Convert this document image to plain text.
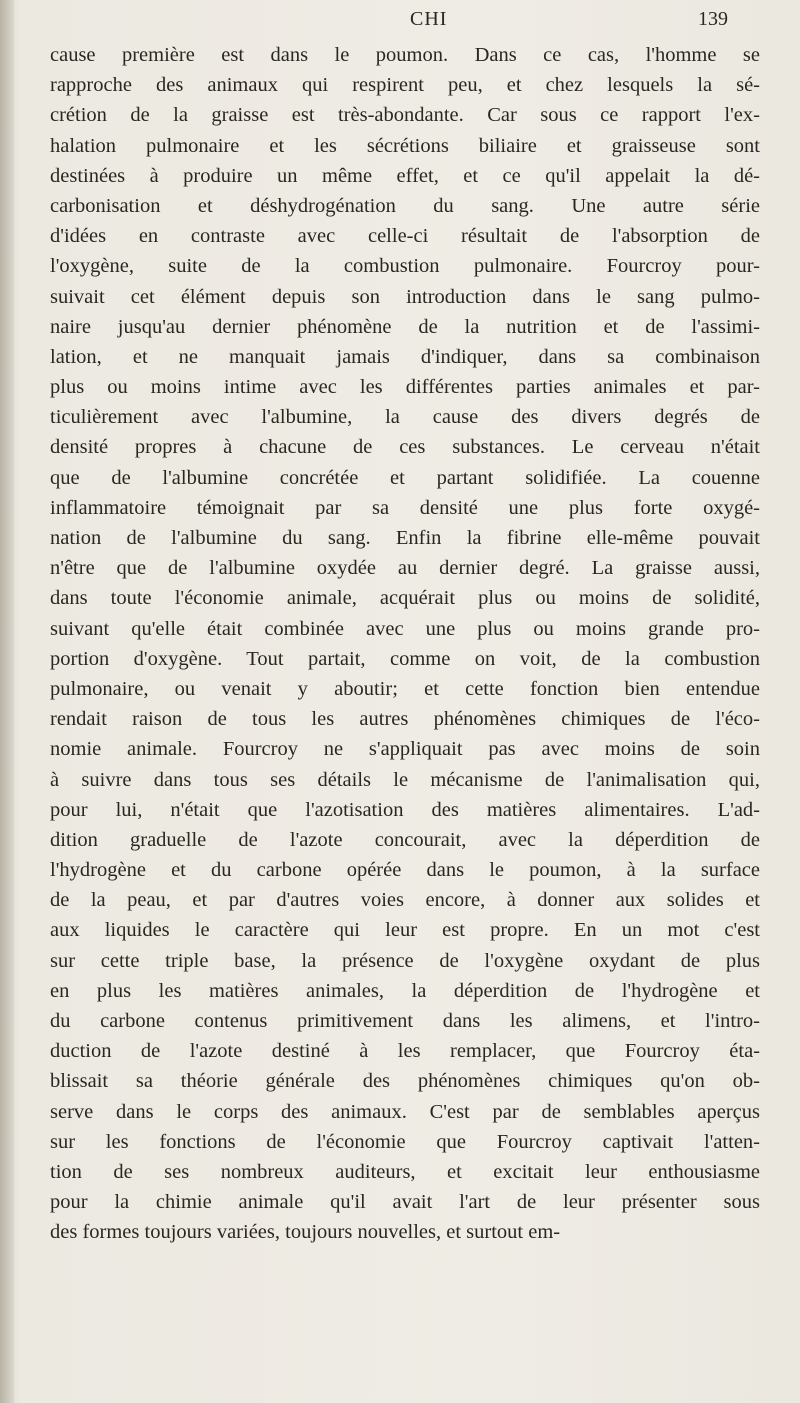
CHI	139
cause première est dans le poumon. Dans ce cas, l'homme se
rapproche des animaux qui respirent peu, et chez lesquels la sé-
crétion de la graisse est très-abondante. Car sous ce rapport l'ex-
halation pulmonaire et les sécrétions biliaire et graisseuse sont
destinées à produire un même effet, et ce qu'il appelait la dé-
carbonisation et déshydrogénation du sang. Une autre série
d'idées en contraste avec celle-ci résultait de l'absorption de
l'oxygène, suite de la combustion pulmonaire. Fourcroy pour-
suivait cet élément depuis son introduction dans le sang pulmo-
naire jusqu'au dernier phénomène de la nutrition et de l'assimi-
lation, et ne manquait jamais d'indiquer, dans sa combinaison
plus ou moins intime avec les différentes parties animales et par-
ticulièrement avec l'albumine, la cause des divers degrés de
densité propres à chacune de ces substances. Le cerveau n'était
que de l'albumine concrétée et partant solidifiée. La couenne
inflammatoire témoignait par sa densité une plus forte oxygé-
nation de l'albumine du sang. Enfin la fibrine elle-même pouvait
n'être que de l'albumine oxydée au dernier degré. La graisse aussi,
dans toute l'économie animale, acquérait plus ou moins de solidité,
suivant qu'elle était combinée avec une plus ou moins grande pro-
portion d'oxygène. Tout partait, comme on voit, de la combustion
pulmonaire, ou venait y aboutir; et cette fonction bien entendue
rendait raison de tous les autres phénomènes chimiques de l'éco-
nomie animale. Fourcroy ne s'appliquait pas avec moins de soin
à suivre dans tous ses détails le mécanisme de l'animalisation qui,
pour lui, n'était que l'azotisation des matières alimentaires. L'ad-
dition graduelle de l'azote concourait, avec la déperdition de
l'hydrogène et du carbone opérée dans le poumon, à la surface
de la peau, et par d'autres voies encore, à donner aux solides et
aux liquides le caractère qui leur est propre. En un mot c'est
sur cette triple base, la présence de l'oxygène oxydant de plus
en plus les matières animales, la déperdition de l'hydrogène et
du carbone contenus primitivement dans les alimens, et l'intro-
duction de l'azote destiné à les remplacer, que Fourcroy éta-
blissait sa théorie générale des phénomènes chimiques qu'on ob-
serve dans le corps des animaux. C'est par de semblables aperçus
sur les fonctions de l'économie que Fourcroy captivait l'atten-
tion de ses nombreux auditeurs, et excitait leur enthousiasme
pour la chimie animale qu'il avait l'art de leur présenter sous
des formes toujours variées, toujours nouvelles, et surtout em-
